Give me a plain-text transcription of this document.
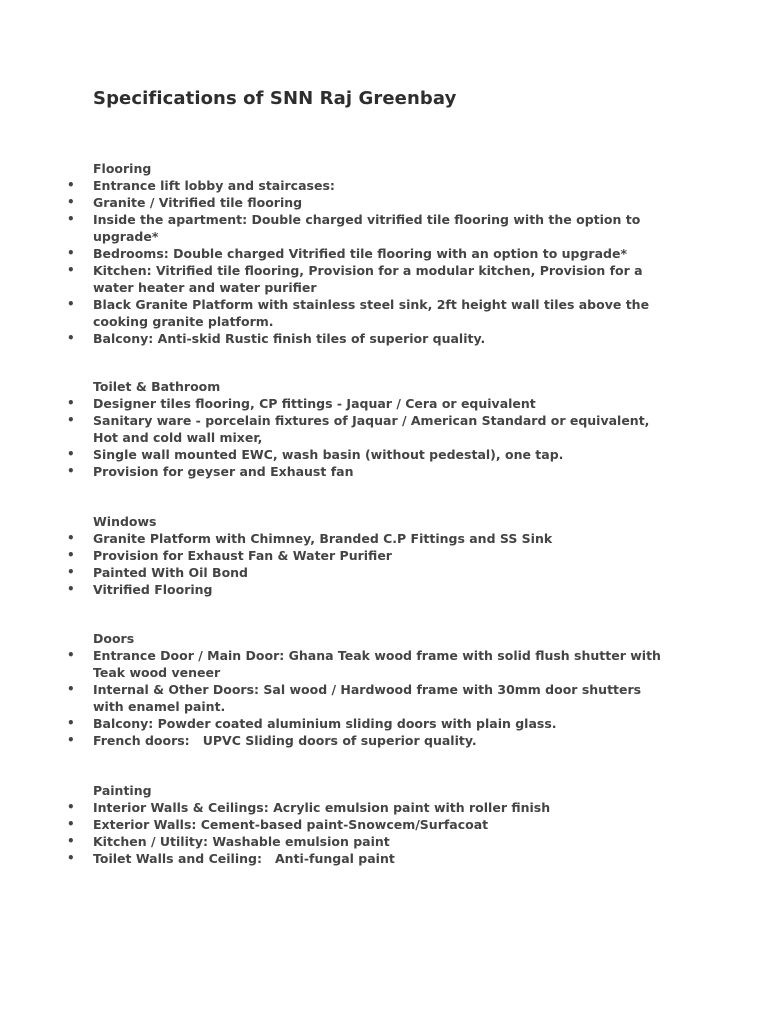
Specifications of SNN Raj Greenbay
Flooring
• Entrance lift lobby and staircases:
• Granite / Vitrified tile flooring
• Inside the apartment: Double charged vitrified tile flooring with the option to upgrade*
• Bedrooms: Double charged Vitrified tile flooring with an option to upgrade*
• Kitchen: Vitrified tile flooring, Provision for a modular kitchen, Provision for a water heater and water purifier
• Black Granite Platform with stainless steel sink, 2ft height wall tiles above the cooking granite platform.
• Balcony: Anti-skid Rustic finish tiles of superior quality.
Toilet & Bathroom
• Designer tiles flooring, CP fittings - Jaquar / Cera or equivalent
• Sanitary ware - porcelain fixtures of Jaquar / American Standard or equivalent, Hot and cold wall mixer,
• Single wall mounted EWC, wash basin (without pedestal), one tap.
• Provision for geyser and Exhaust fan
Windows
• Granite Platform with Chimney, Branded C.P Fittings and SS Sink
• Provision for Exhaust Fan & Water Purifier
• Painted With Oil Bond
• Vitrified Flooring
Doors
• Entrance Door / Main Door: Ghana Teak wood frame with solid flush shutter with Teak wood veneer
• Internal & Other Doors: Sal wood / Hardwood frame with 30mm door shutters with enamel paint.
• Balcony: Powder coated aluminium sliding doors with plain glass.
• French doors:   UPVC Sliding doors of superior quality.
Painting
• Interior Walls & Ceilings: Acrylic emulsion paint with roller finish
• Exterior Walls: Cement-based paint-Snowcem/Surfacoat
• Kitchen / Utility: Washable emulsion paint
• Toilet Walls and Ceiling:   Anti-fungal paint
